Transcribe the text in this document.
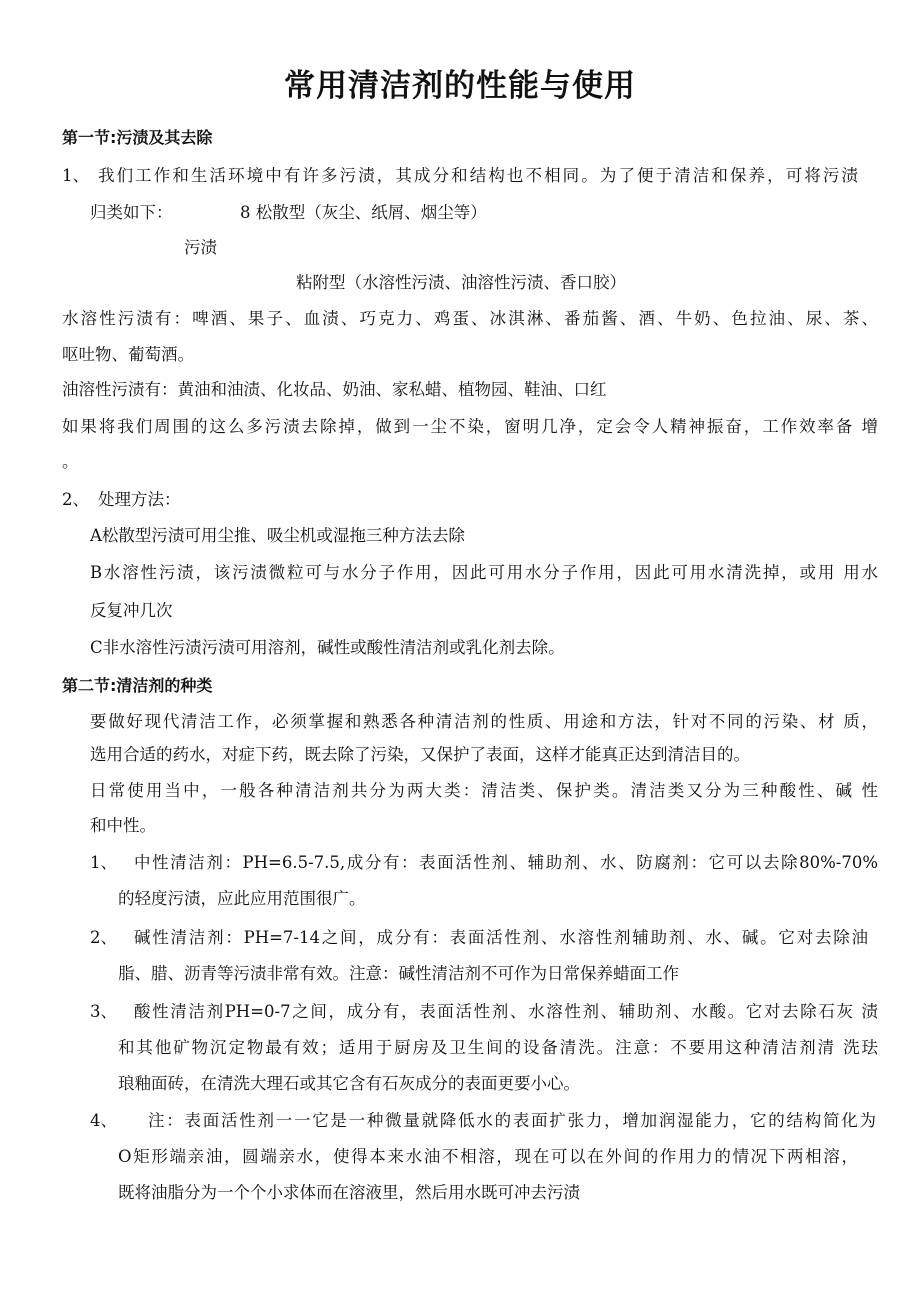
常用清洁剂的性能与使用
第一节:污渍及其去除
1、 我们工作和生活环境中有许多污渍，其成分和结构也不相同。为了便于清洁和保养，可将污渍
归类如下：	8 松散型（灰尘、纸屑、烟尘等）
污渍
粘附型（水溶性污渍、油溶性污渍、香口胶）
水溶性污渍有：啤酒、果子、血渍、巧克力、鸡蛋、冰淇淋、番茄酱、酒、牛奶、色拉油、尿、茶、
呕吐物、葡萄酒。
油溶性污渍有：黄油和油渍、化妆品、奶油、家私蜡、植物园、鞋油、口红
如果将我们周围的这么多污渍去除掉，做到一尘不染，窗明几净，定会令人精神振奋，工作效率备 增
。
2、 处理方法：
A松散型污渍可用尘推、吸尘机或湿拖三种方法去除
B水溶性污渍，该污渍微粒可与水分子作用，因此可用水分子作用，因此可用水清洗掉，或用 用水
反复冲几次
C非水溶性污渍污渍可用溶剂，碱性或酸性清洁剂或乳化剂去除。
第二节:清洁剂的种类
要做好现代清洁工作，必须掌握和熟悉各种清洁剂的性质、用途和方法，针对不同的污染、材 质，
选用合适的药水，对症下药，既去除了污染，又保护了表面，这样才能真正达到清洁目的。
日常使用当中，一般各种清洁剂共分为两大类：清洁类、保护类。清洁类又分为三种酸性、碱 性
和中性。
1、 中性清洁剂：PH=6.5-7.5,成分有：表面活性剂、辅助剂、水、防腐剂：它可以去除80%-70%
的轻度污渍，应此应用范围很广。
2、 碱性清洁剂：PH=7-14之间，成分有：表面活性剂、水溶性剂辅助剂、水、碱。它对去除油
脂、腊、沥青等污渍非常有效。注意：碱性清洁剂不可作为日常保养蜡面工作
3、 酸性清洁剂PH=0-7之间，成分有，表面活性剂、水溶性剂、辅助剂、水酸。它对去除石灰 渍
和其他矿物沉定物最有效；适用于厨房及卫生间的设备清洗。注意：不要用这种清洁剂清 洗珐
琅釉面砖，在清洗大理石或其它含有石灰成分的表面更要小心。
4、 注：表面活性剂一一它是一种微量就降低水的表面扩张力，增加润湿能力，它的结构简化为
O矩形端亲油，圆端亲水，使得本来水油不相溶，现在可以在外间的作用力的情况下两相溶，
既将油脂分为一个个小求体而在溶液里，然后用水既可冲去污渍
